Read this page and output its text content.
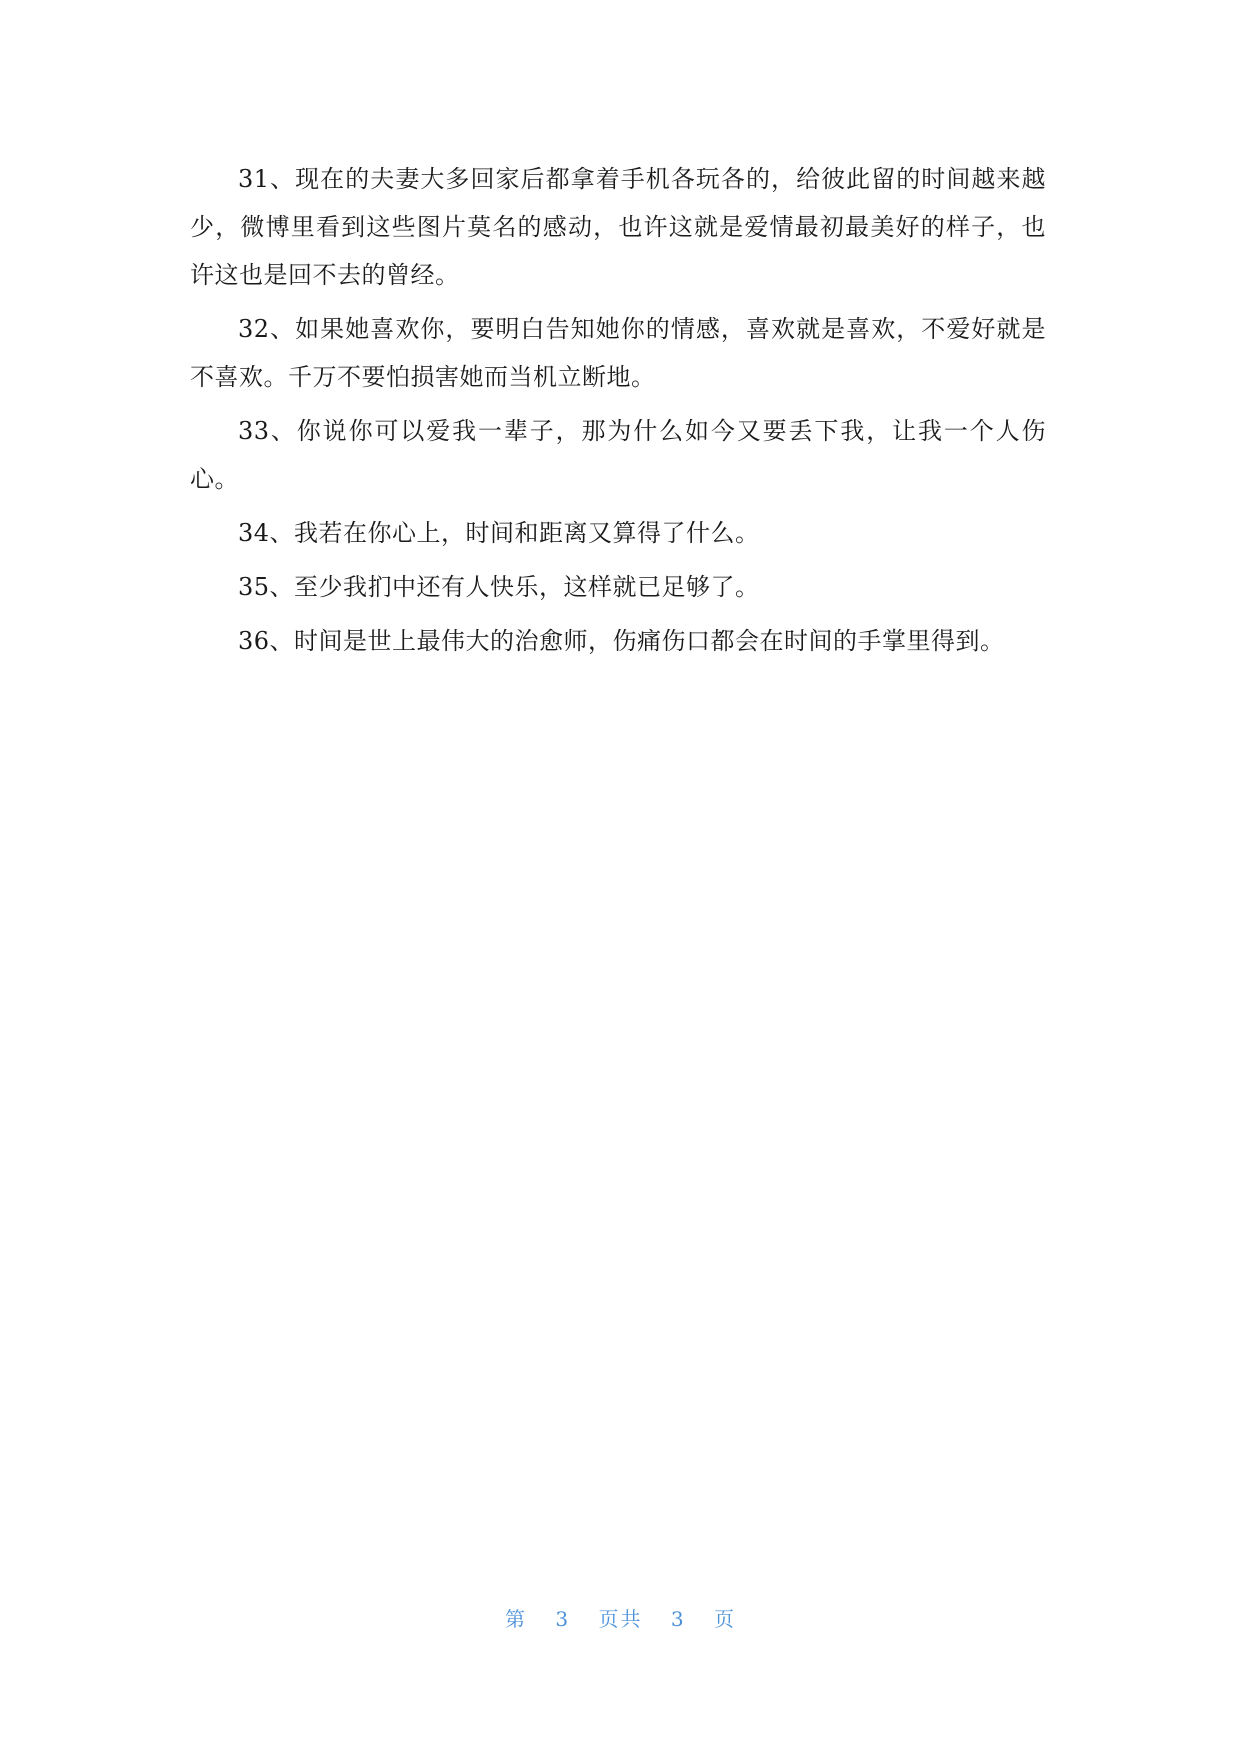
31、现在的夫妻大多回家后都拿着手机各玩各的，给彼此留的时间越来越少，微博里看到这些图片莫名的感动，也许这就是爱情最初最美好的样子，也许这也是回不去的曾经。

32、如果她喜欢你，要明白告知她你的情感，喜欢就是喜欢，不爱好就是不喜欢。千万不要怕损害她而当机立断地。

33、你说你可以爱我一辈子，那为什么如今又要丢下我，让我一个人伤心。

34、我若在你心上，时间和距离又算得了什么。

35、至少我扪中还有人快乐，这样就已足够了。

36、时间是世上最伟大的治愈师，伤痛伤口都会在时间的手掌里得到。

第 3 页共 3 页
